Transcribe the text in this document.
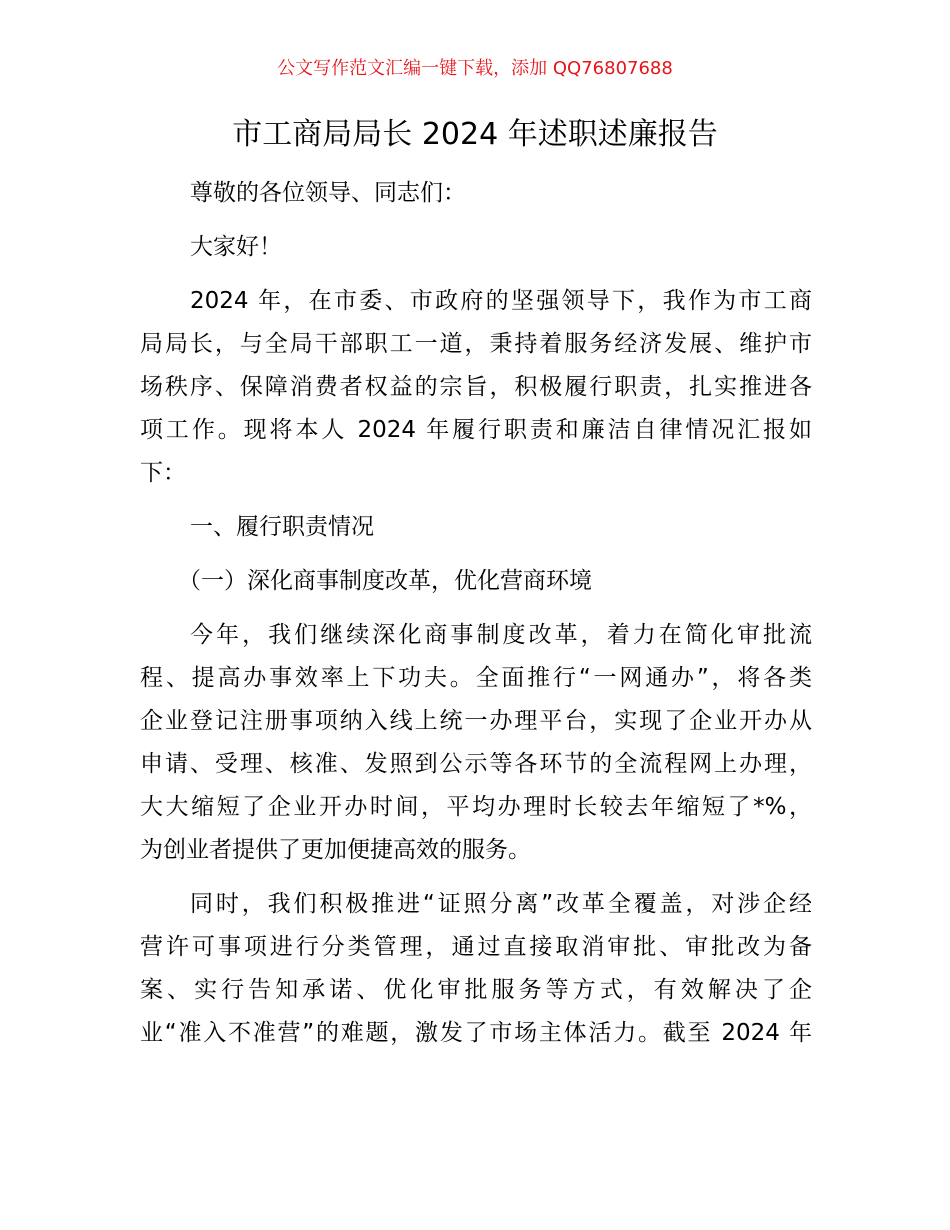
公文写作范文汇编一键下载，添加 QQ76807688
市工商局局长 2024 年述职述廉报告
尊敬的各位领导、同志们：
大家好！
2024 年，在市委、市政府的坚强领导下，我作为市工商
局局长，与全局干部职工一道，秉持着服务经济发展、维护市
场秩序、保障消费者权益的宗旨，积极履行职责，扎实推进各
项工作。现将本人 2024 年履行职责和廉洁自律情况汇报如
下：
一、履行职责情况
（一）深化商事制度改革，优化营商环境
今年，我们继续深化商事制度改革，着力在简化审批流
程、提高办事效率上下功夫。全面推行“一网通办”，将各类
企业登记注册事项纳入线上统一办理平台，实现了企业开办从
申请、受理、核准、发照到公示等各环节的全流程网上办理，
大大缩短了企业开办时间，平均办理时长较去年缩短了*%，
为创业者提供了更加便捷高效的服务。
同时，我们积极推进“证照分离”改革全覆盖，对涉企经
营许可事项进行分类管理，通过直接取消审批、审批改为备
案、实行告知承诺、优化审批服务等方式，有效解决了企
业“准入不准营”的难题，激发了市场主体活力。截至 2024 年
